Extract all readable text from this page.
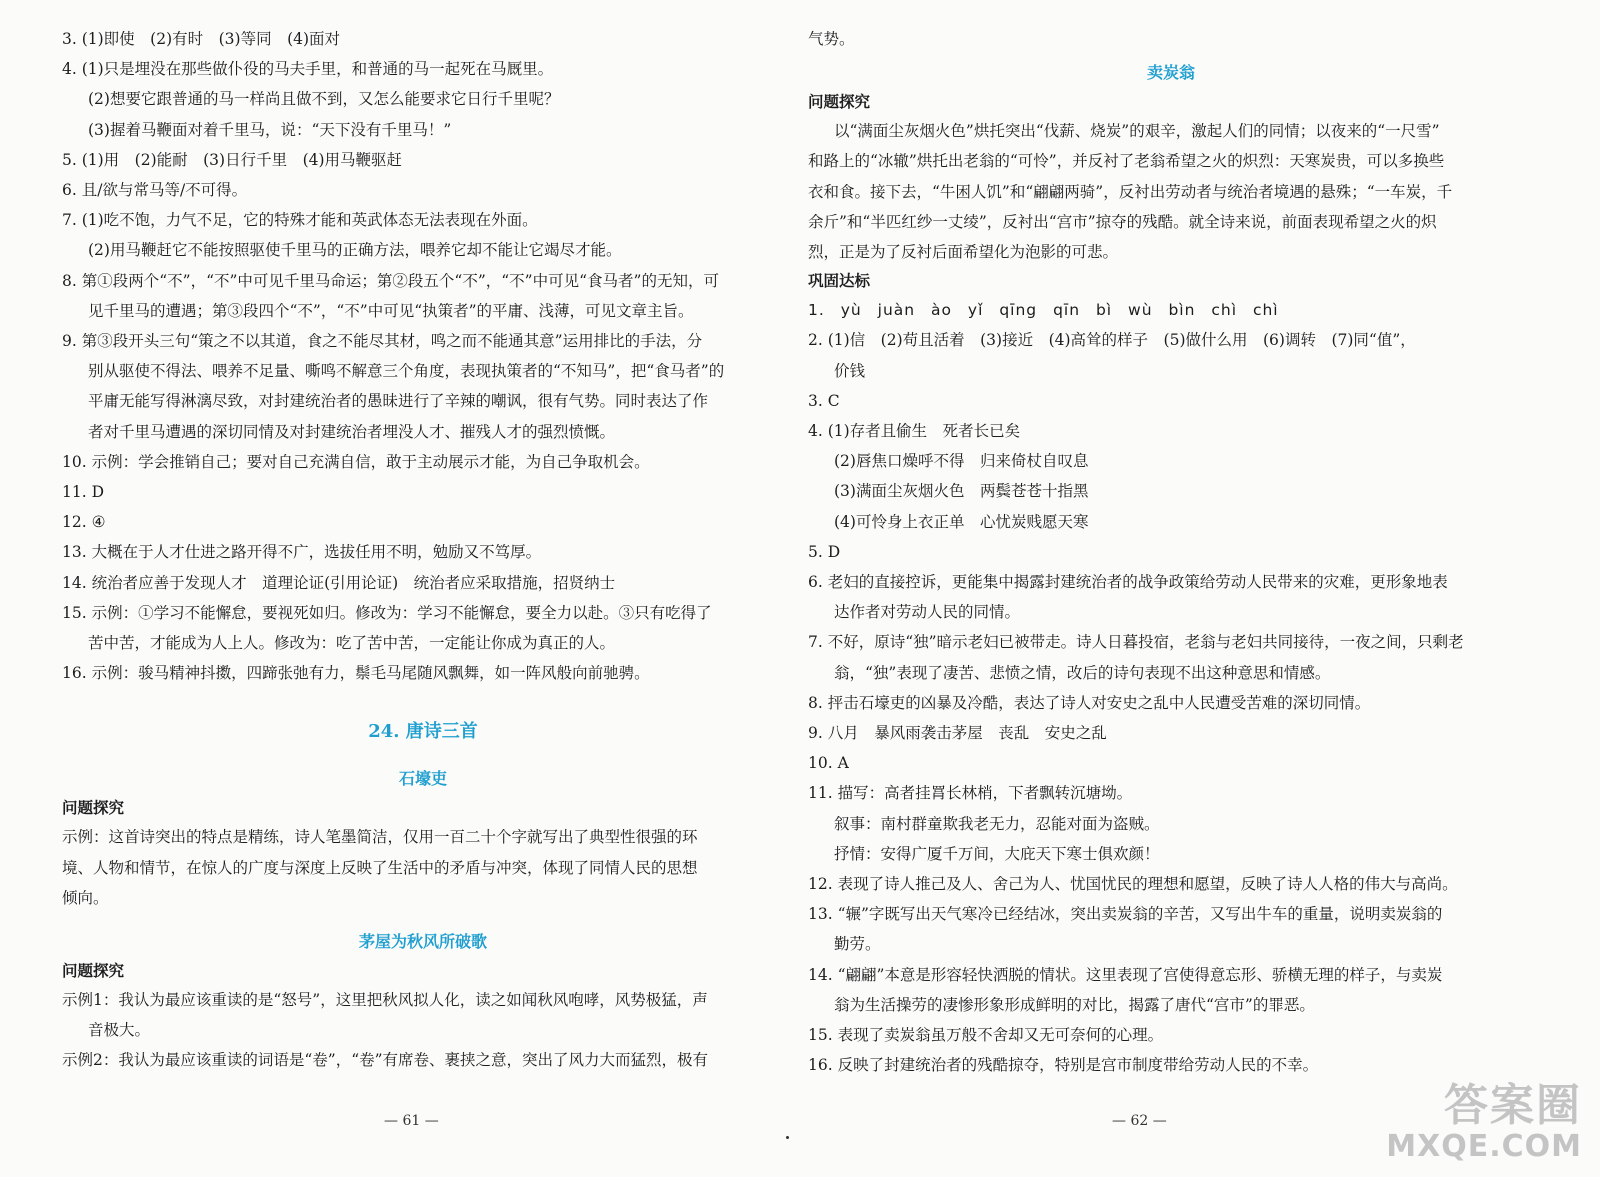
3. (1)即使　(2)有时　(3)等同　(4)面对
4. (1)只是埋没在那些做仆役的马夫手里，和普通的马一起死在马厩里。
(2)想要它跟普通的马一样尚且做不到，又怎么能要求它日行千里呢？
(3)握着马鞭面对着千里马，说：“天下没有千里马！”
5. (1)用　(2)能耐　(3)日行千里　(4)用马鞭驱赶
6. 且/欲与常马等/不可得。
7. (1)吃不饱，力气不足，它的特殊才能和英武体态无法表现在外面。
(2)用马鞭赶它不能按照驱使千里马的正确方法，喂养它却不能让它竭尽才能。
8. 第①段两个“不”，“不”中可见千里马命运；第②段五个“不”，“不”中可见“食马者”的无知，可
见千里马的遭遇；第③段四个“不”，“不”中可见“执策者”的平庸、浅薄，可见文章主旨。
9. 第③段开头三句“策之不以其道，食之不能尽其材，鸣之而不能通其意”运用排比的手法，分
别从驱使不得法、喂养不足量、嘶鸣不解意三个角度，表现执策者的“不知马”，把“食马者”的
平庸无能写得淋漓尽致，对封建统治者的愚昧进行了辛辣的嘲讽，很有气势。同时表达了作
者对千里马遭遇的深切同情及对封建统治者埋没人才、摧残人才的强烈愤慨。
10. 示例：学会推销自己；要对自己充满自信，敢于主动展示才能，为自己争取机会。
11. D
12. ④
13. 大概在于人才仕进之路开得不广，选拔任用不明，勉励又不笃厚。
14. 统治者应善于发现人才　道理论证(引用论证)　统治者应采取措施，招贤纳士
15. 示例：①学习不能懈怠，要视死如归。修改为：学习不能懈怠，要全力以赴。③只有吃得了
苦中苦，才能成为人上人。修改为：吃了苦中苦，一定能让你成为真正的人。
16. 示例：骏马精神抖擞，四蹄张弛有力，鬃毛马尾随风飘舞，如一阵风般向前驰骋。
24. 唐诗三首
石壕吏
问题探究
示例：这首诗突出的特点是精练，诗人笔墨简洁，仅用一百二十个字就写出了典型性很强的环
境、人物和情节，在惊人的广度与深度上反映了生活中的矛盾与冲突，体现了同情人民的思想
倾向。
茅屋为秋风所破歌
问题探究
示例1：我认为最应该重读的是“怒号”，这里把秋风拟人化，读之如闻秋风咆哮，风势极猛，声
音极大。
示例2：我认为最应该重读的词语是“卷”，“卷”有席卷、裹挟之意，突出了风力大而猛烈，极有
气势。
卖炭翁
问题探究
以“满面尘灰烟火色”烘托突出“伐薪、烧炭”的艰辛，激起人们的同情；以夜来的“一尺雪”
和路上的“冰辙”烘托出老翁的“可怜”，并反衬了老翁希望之火的炽烈：天寒炭贵，可以多换些
衣和食。接下去，“牛困人饥”和“翩翩两骑”，反衬出劳动者与统治者境遇的悬殊；“一车炭，千
余斤”和“半匹红纱一丈绫”，反衬出“宫市”掠夺的残酷。就全诗来说，前面表现希望之火的炽
烈，正是为了反衬后面希望化为泡影的可悲。
巩固达标
1. yù juàn ào yǐ qīng qīn bì wù bìn chì chì
2. (1)信　(2)苟且活着　(3)接近　(4)高耸的样子　(5)做什么用　(6)调转　(7)同“值”，
价钱
3. C
4. (1)存者且偷生　死者长已矣
(2)唇焦口燥呼不得　归来倚杖自叹息
(3)满面尘灰烟火色　两鬓苍苍十指黑
(4)可怜身上衣正单　心忧炭贱愿天寒
5. D
6. 老妇的直接控诉，更能集中揭露封建统治者的战争政策给劳动人民带来的灾难，更形象地表
达作者对劳动人民的同情。
7. 不好，原诗“独”暗示老妇已被带走。诗人日暮投宿，老翁与老妇共同接待，一夜之间，只剩老
翁，“独”表现了凄苦、悲愤之情，改后的诗句表现不出这种意思和情感。
8. 抨击石壕吏的凶暴及冷酷，表达了诗人对安史之乱中人民遭受苦难的深切同情。
9. 八月　暴风雨袭击茅屋　丧乱　安史之乱
10. A
11. 描写：高者挂罥长林梢，下者飘转沉塘坳。
叙事：南村群童欺我老无力，忍能对面为盗贼。
抒情：安得广厦千万间，大庇天下寒士俱欢颜！
12. 表现了诗人推己及人、舍己为人、忧国忧民的理想和愿望，反映了诗人人格的伟大与高尚。
13. “辗”字既写出天气寒冷已经结冰，突出卖炭翁的辛苦，又写出牛车的重量，说明卖炭翁的
勤劳。
14. “翩翩”本意是形容轻快洒脱的情状。这里表现了宫使得意忘形、骄横无理的样子，与卖炭
翁为生活操劳的凄惨形象形成鲜明的对比，揭露了唐代“宫市”的罪恶。
15. 表现了卖炭翁虽万般不舍却又无可奈何的心理。
16. 反映了封建统治者的残酷掠夺，特别是宫市制度带给劳动人民的不幸。
— 61 —	— 62 —	答案圈
MXQE.COM
